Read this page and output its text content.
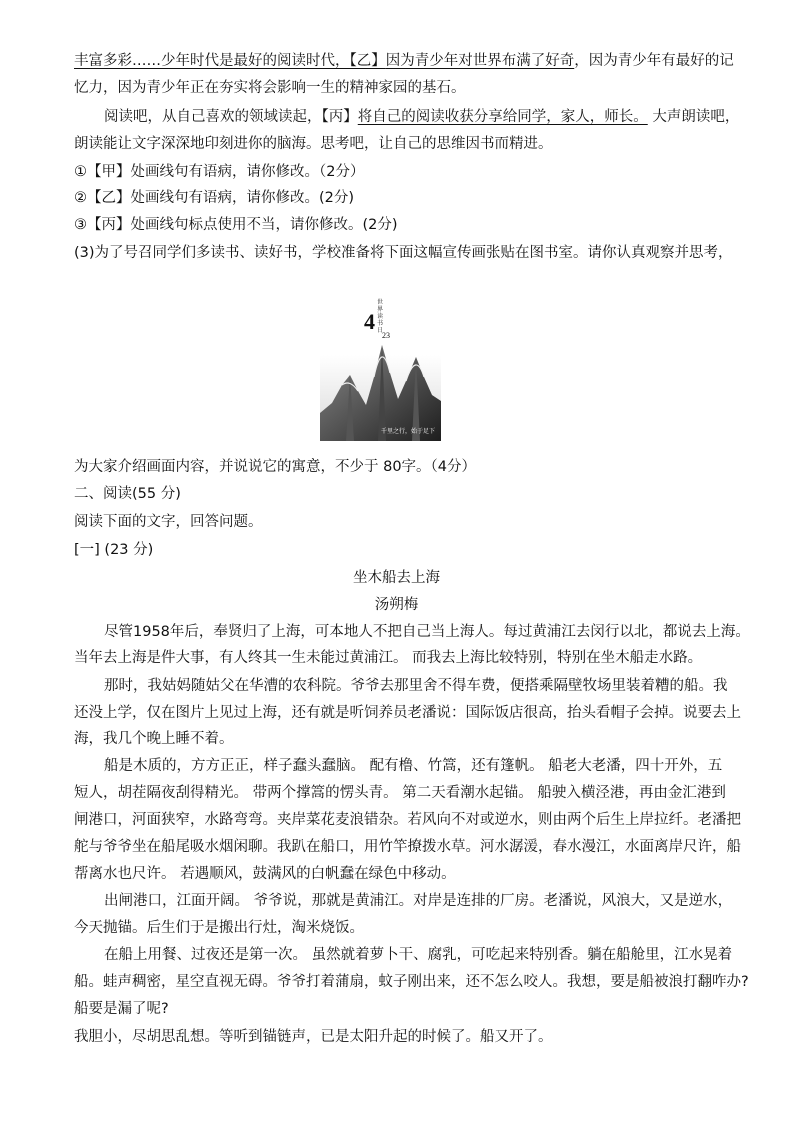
丰富多彩……少年时代是最好的阅读时代，【乙】因为青少年对世界布满了好奇，因为青少年有最好的记
忆力，因为青少年正在夯实将会影响一生的精神家园的基石。
阅读吧，从自己喜欢的领域读起，【丙】将自己的阅读收获分享给同学，家人，师长。 大声朗读吧，
朗读能让文字深深地印刻进你的脑海。思考吧，让自己的思维因书而精进。
①【甲】处画线句有语病，请你修改。（2分）
②【乙】处画线句有语病，请你修改。(2分)
③【丙】处画线句标点使用不当，请你修改。(2分)
(3)为了号召同学们多读书、读好书，学校准备将下面这幅宣传画张贴在图书室。请你认真观察并思考，
世界读书日
4
23
千里之行，始于足下
为大家介绍画面内容，并说说它的寓意，不少于 80字。（4分）
二、阅读(55 分)
阅读下面的文字，回答问题。
[一] (23 分)
坐木船去上海
汤朔梅
尽管1958年后，奉贤归了上海，可本地人不把自己当上海人。每过黄浦江去闵行以北，都说去上海。
当年去上海是件大事，有人终其一生未能过黄浦江。 而我去上海比较特别，特别在坐木船走水路。
那时，我姑妈随姑父在华漕的农科院。爷爷去那里舍不得车费，便搭乘隔壁牧场里装着糟的船。我
还没上学，仅在图片上见过上海，还有就是听饲养员老潘说：国际饭店很高，抬头看帽子会掉。说要去上
海，我几个晚上睡不着。
船是木质的，方方正正，样子蠢头蠢脑。 配有橹、竹篙，还有篷帆。 船老大老潘，四十开外，五
短人，胡茬隔夜刮得精光。 带两个撑篙的愣头青。 第二天看潮水起锚。 船驶入横泾港，再由金汇港到
闸港口，河面狭窄，水路弯弯。夹岸菜花麦浪错杂。若风向不对或逆水，则由两个后生上岸拉纤。老潘把
舵与爷爷坐在船尾吸水烟闲聊。我趴在船口，用竹竿撩拨水草。河水潺湲，春水漫江，水面离岸尺许，船
帮离水也尺许。 若遇顺风，鼓满风的白帆蠢在绿色中移动。
出闸港口，江面开阔。 爷爷说，那就是黄浦江。对岸是连排的厂房。老潘说，风浪大，又是逆水，
今天抛锚。后生们于是搬出行灶，淘米烧饭。
在船上用餐、过夜还是第一次。 虽然就着萝卜干、腐乳，可吃起来特别香。躺在船舱里，江水晃着
船。蛙声稠密，星空直视无碍。爷爷打着蒲扇，蚊子刚出来，还不怎么咬人。我想，要是船被浪打翻咋办?
船要是漏了呢?
我胆小，尽胡思乱想。等听到锚链声，已是太阳升起的时候了。船又开了。
